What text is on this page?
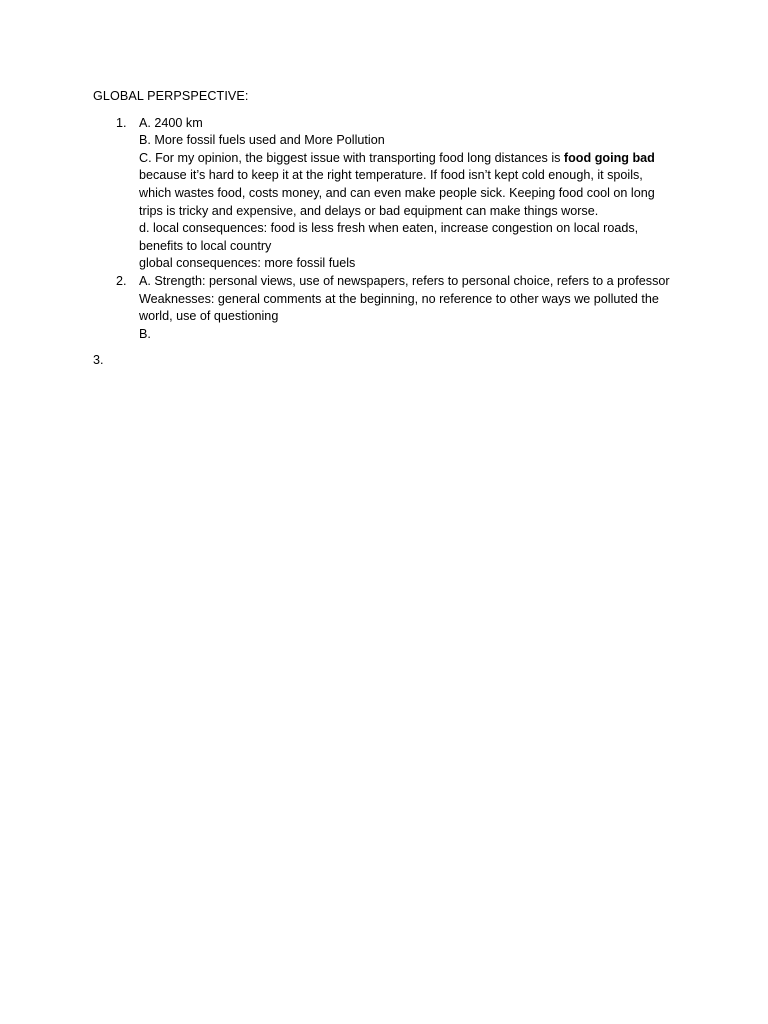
GLOBAL PERPSPECTIVE:
1. A. 2400 km
B. More fossil fuels used and More Pollution
C. For my opinion, the biggest issue with transporting food long distances is food going bad because it’s hard to keep it at the right temperature. If food isn’t kept cold enough, it spoils, which wastes food, costs money, and can even make people sick. Keeping food cool on long trips is tricky and expensive, and delays or bad equipment can make things worse.
d. local consequences: food is less fresh when eaten, increase congestion on local roads, benefits to local country
global consequences: more fossil fuels
2. A. Strength: personal views, use of newspapers, refers to personal choice, refers to a professor
Weaknesses: general comments at the beginning, no reference to other ways we polluted the world, use of questioning
B.
3.
